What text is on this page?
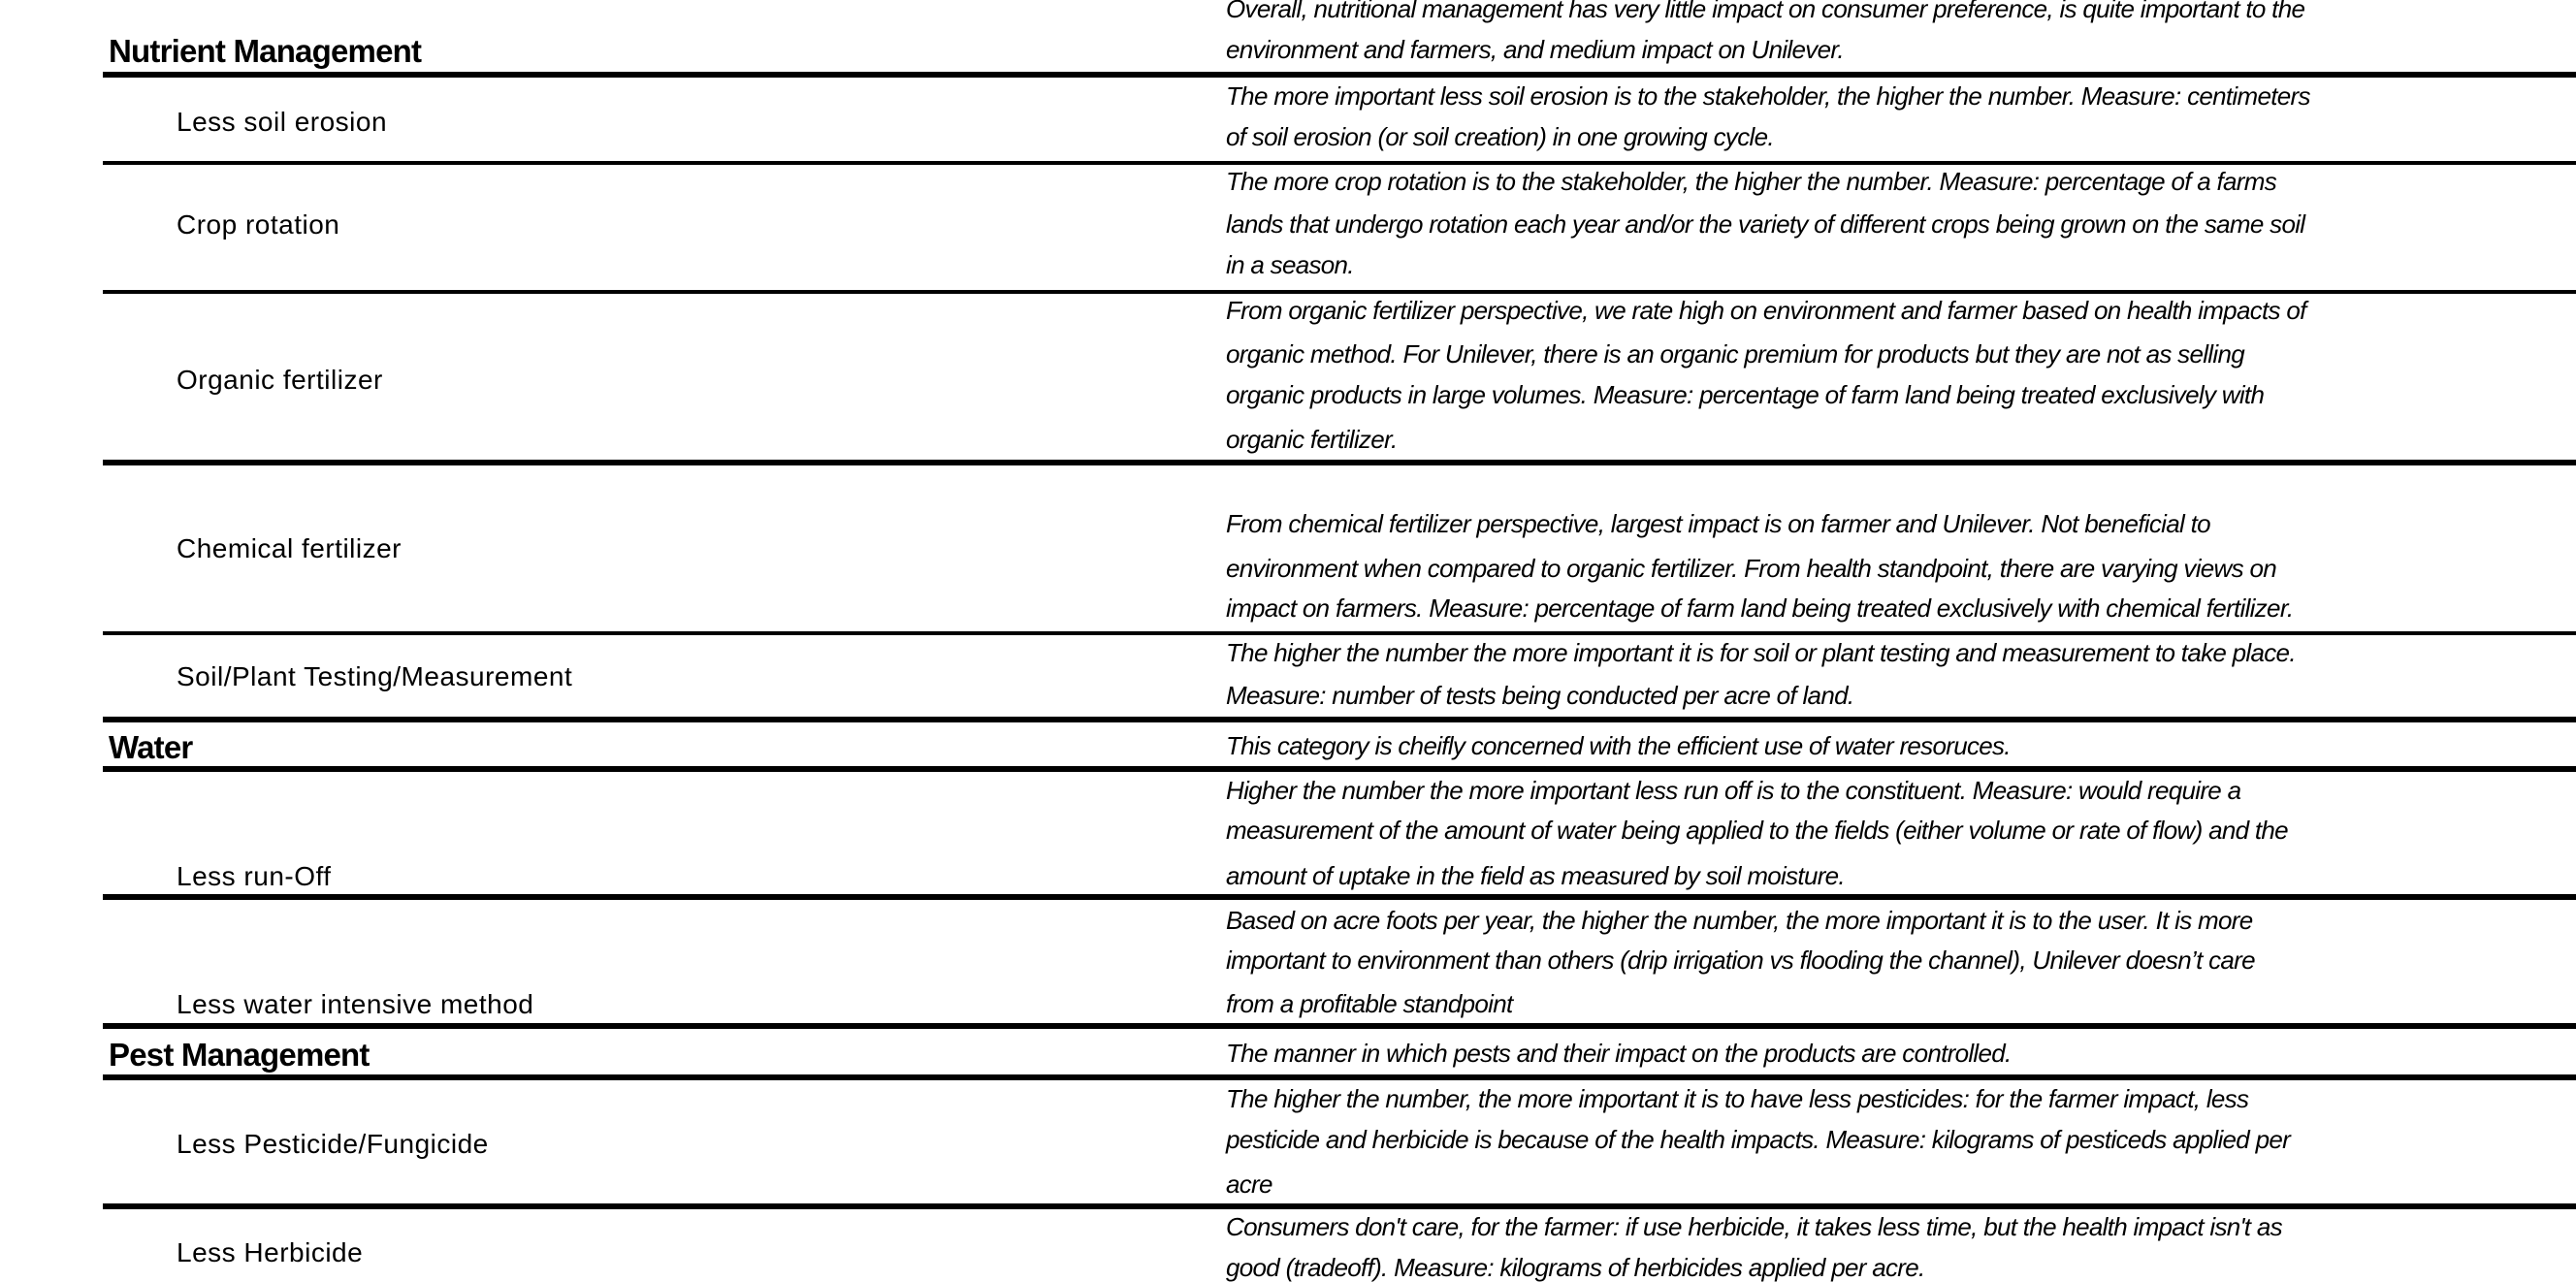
Nutrient Management
Overall, nutritional management has very little impact on consumer preference, is quite important to the
environment and farmers, and medium impact on Unilever.
Less soil erosion
The more important less soil erosion is to the stakeholder, the higher the number. Measure: centimeters
of soil erosion (or soil creation) in one growing cycle.
Crop rotation
The more crop rotation is to the stakeholder, the higher the number. Measure: percentage of a farms
lands that undergo rotation each year and/or the variety of different crops being grown on the same soil
in a season.
Organic fertilizer
From organic fertilizer perspective, we rate high on environment and farmer based on health impacts of
organic method. For Unilever, there is an organic premium for products but they are not as selling
organic products in large volumes. Measure: percentage of farm land being treated exclusively with
organic fertilizer.
Chemical fertilizer
From chemical fertilizer perspective, largest impact is on farmer and Unilever. Not beneficial to
environment when compared to organic fertilizer. From health standpoint, there are varying views on
impact on farmers. Measure: percentage of farm land being treated exclusively with chemical fertilizer.
Soil/Plant Testing/Measurement
The higher the number the more important it is for soil or plant testing and measurement to take place.
Measure: number of tests being conducted per acre of land.
Water	This category is cheifly concerned with the efficient use of water resoruces.
Less run-Off
Higher the number the more important less run off is to the constituent. Measure: would require a
measurement of the amount of water being applied to the fields (either volume or rate of flow) and the
amount of uptake in the field as measured by soil moisture.
Less water intensive method
Based on acre foots per year, the higher the number, the more important it is to the user. It is more
important to environment than others (drip irrigation vs flooding the channel), Unilever doesn’t care
from a profitable standpoint
Pest Management	The manner in which pests and their impact on the products are controlled.
Less Pesticide/Fungicide
The higher the number, the more important it is to have less pesticides: for the farmer impact, less
pesticide and herbicide is because of the health impacts. Measure: kilograms of pesticeds applied per
acre
Less Herbicide
Consumers don't care, for the farmer: if use herbicide, it takes less time, but the health impact isn't as
good (tradeoff). Measure: kilograms of herbicides applied per acre.
